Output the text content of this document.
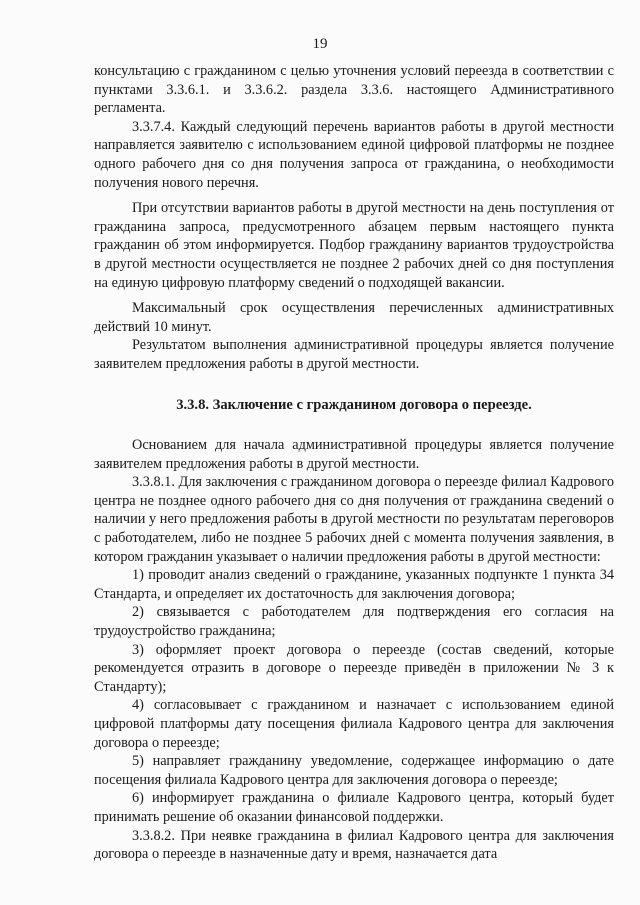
19

консультацию с гражданином с целью уточнения условий переезда в соответствии с пунктами 3.3.6.1. и 3.3.6.2. раздела 3.3.6. настоящего Административного регламента.

3.3.7.4. Каждый следующий перечень вариантов работы в другой местности направляется заявителю с использованием единой цифровой платформы не позднее одного рабочего дня со дня получения запроса от гражданина, о необходимости получения нового перечня.

При отсутствии вариантов работы в другой местности на день поступления от гражданина запроса, предусмотренного абзацем первым настоящего пункта гражданин об этом информируется. Подбор гражданину вариантов трудоустройства в другой местности осуществляется не позднее 2 рабочих дней со дня поступления на единую цифровую платформу сведений о подходящей вакансии.

Максимальный срок осуществления перечисленных административных действий 10 минут.

Результатом выполнения административной процедуры является получение заявителем предложения работы в другой местности.

3.3.8. Заключение с гражданином договора о переезде.

Основанием для начала административной процедуры является получение заявителем предложения работы в другой местности.

3.3.8.1. Для заключения с гражданином договора о переезде филиал Кадрового центра не позднее одного рабочего дня со дня получения от гражданина сведений о наличии у него предложения работы в другой местности по результатам переговоров с работодателем, либо не позднее 5 рабочих дней с момента получения заявления, в котором гражданин указывает о наличии предложения работы в другой местности:

1) проводит анализ сведений о гражданине, указанных подпункте 1 пункта 34 Стандарта, и определяет их достаточность для заключения договора;

2) связывается с работодателем для подтверждения его согласия на трудоустройство гражданина;

3) оформляет проект договора о переезде (состав сведений, которые рекомендуется отразить в договоре о переезде приведён в приложении № 3 к Стандарту);

4) согласовывает с гражданином и назначает с использованием единой цифровой платформы дату посещения филиала Кадрового центра для заключения договора о переезде;

5) направляет гражданину уведомление, содержащее информацию о дате посещения филиала Кадрового центра для заключения договора о переезде;

6) информирует гражданина о филиале Кадрового центра, который будет принимать решение об оказании финансовой поддержки.

3.3.8.2. При неявке гражданина в филиал Кадрового центра для заключения договора о переезде в назначенные дату и время, назначается дата
